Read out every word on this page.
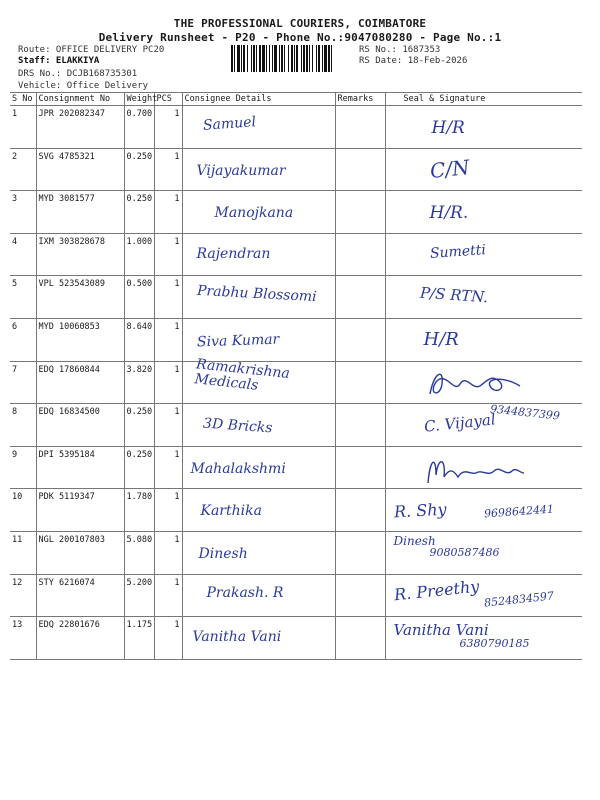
THE PROFESSIONAL COURIERS, COIMBATORE
Delivery Runsheet - P20 - Phone No.:9047080280 - Page No.:1
Route: OFFICE DELIVERY PC20
Staff: ELAKKIYA
DRS No.: DCJB168735301
Vehicle: Office Delivery
RS No.: 1687353
RS Date: 18-Feb-2026
S No	Consignment No	Weight	PCS	Consignee Details	Remarks	Seal & Signature
1	JPR 202082347	0.700	1	Samuel		H/R

2	SVG 4785321	0.250	1	Vijayakumar		C/N

3	MYD 3081577	0.250	1	Manojkana		H/R.

4	IXM 303828678	1.000	1	Rajendran		Sumetti

5	VPL 523543089	0.500	1	Prabhu Blossomi		P/S RTN.

6	MYD 10060853	8.640	1	Siva Kumar		H/R

7	EDQ 17860844	3.820	1	Ramakrishna Medicals

8	EDQ 16834500	0.250	1	3D Bricks		C. Vijayal
9344837399

9	DPI 5395184	0.250	1	Mahalakshmi

10	PDK 5119347	1.780	1	Karthika		R. Shy 9698642441

11	NGL 200107803	5.080	1	Dinesh		Dinesh
9080587486

12	STY 6216074	5.200	1	Prakash. R		R. Preethy 8524834597

13	EDQ 22801676	1.175	1	Vanitha Vani		Vanitha Vani
6380790185
